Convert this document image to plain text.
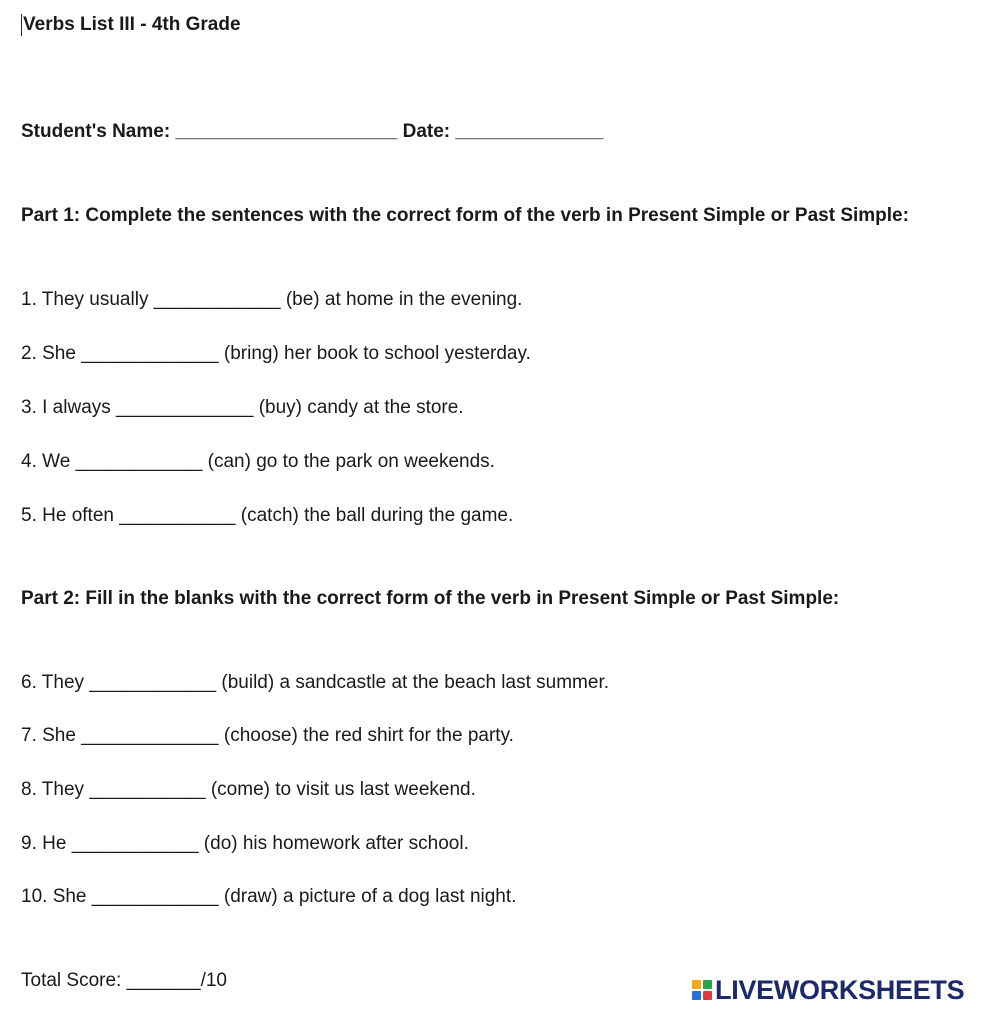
Verbs List III - 4th Grade
Student's Name: _____________________ Date: ______________
Part 1: Complete the sentences with the correct form of the verb in Present Simple or Past Simple:
1. They usually ____________ (be) at home in the evening.
2. She _____________ (bring) her book to school yesterday.
3. I always _____________ (buy) candy at the store.
4. We ____________ (can) go to the park on weekends.
5. He often ___________ (catch) the ball during the game.
Part 2: Fill in the blanks with the correct form of the verb in Present Simple or Past Simple:
6. They ____________ (build) a sandcastle at the beach last summer.
7. She _____________ (choose) the red shirt for the party.
8. They ___________ (come) to visit us last weekend.
9. He ____________ (do) his homework after school.
10. She ____________ (draw) a picture of a dog last night.
Total Score: _______/10	LIVEWORKSHEETS
